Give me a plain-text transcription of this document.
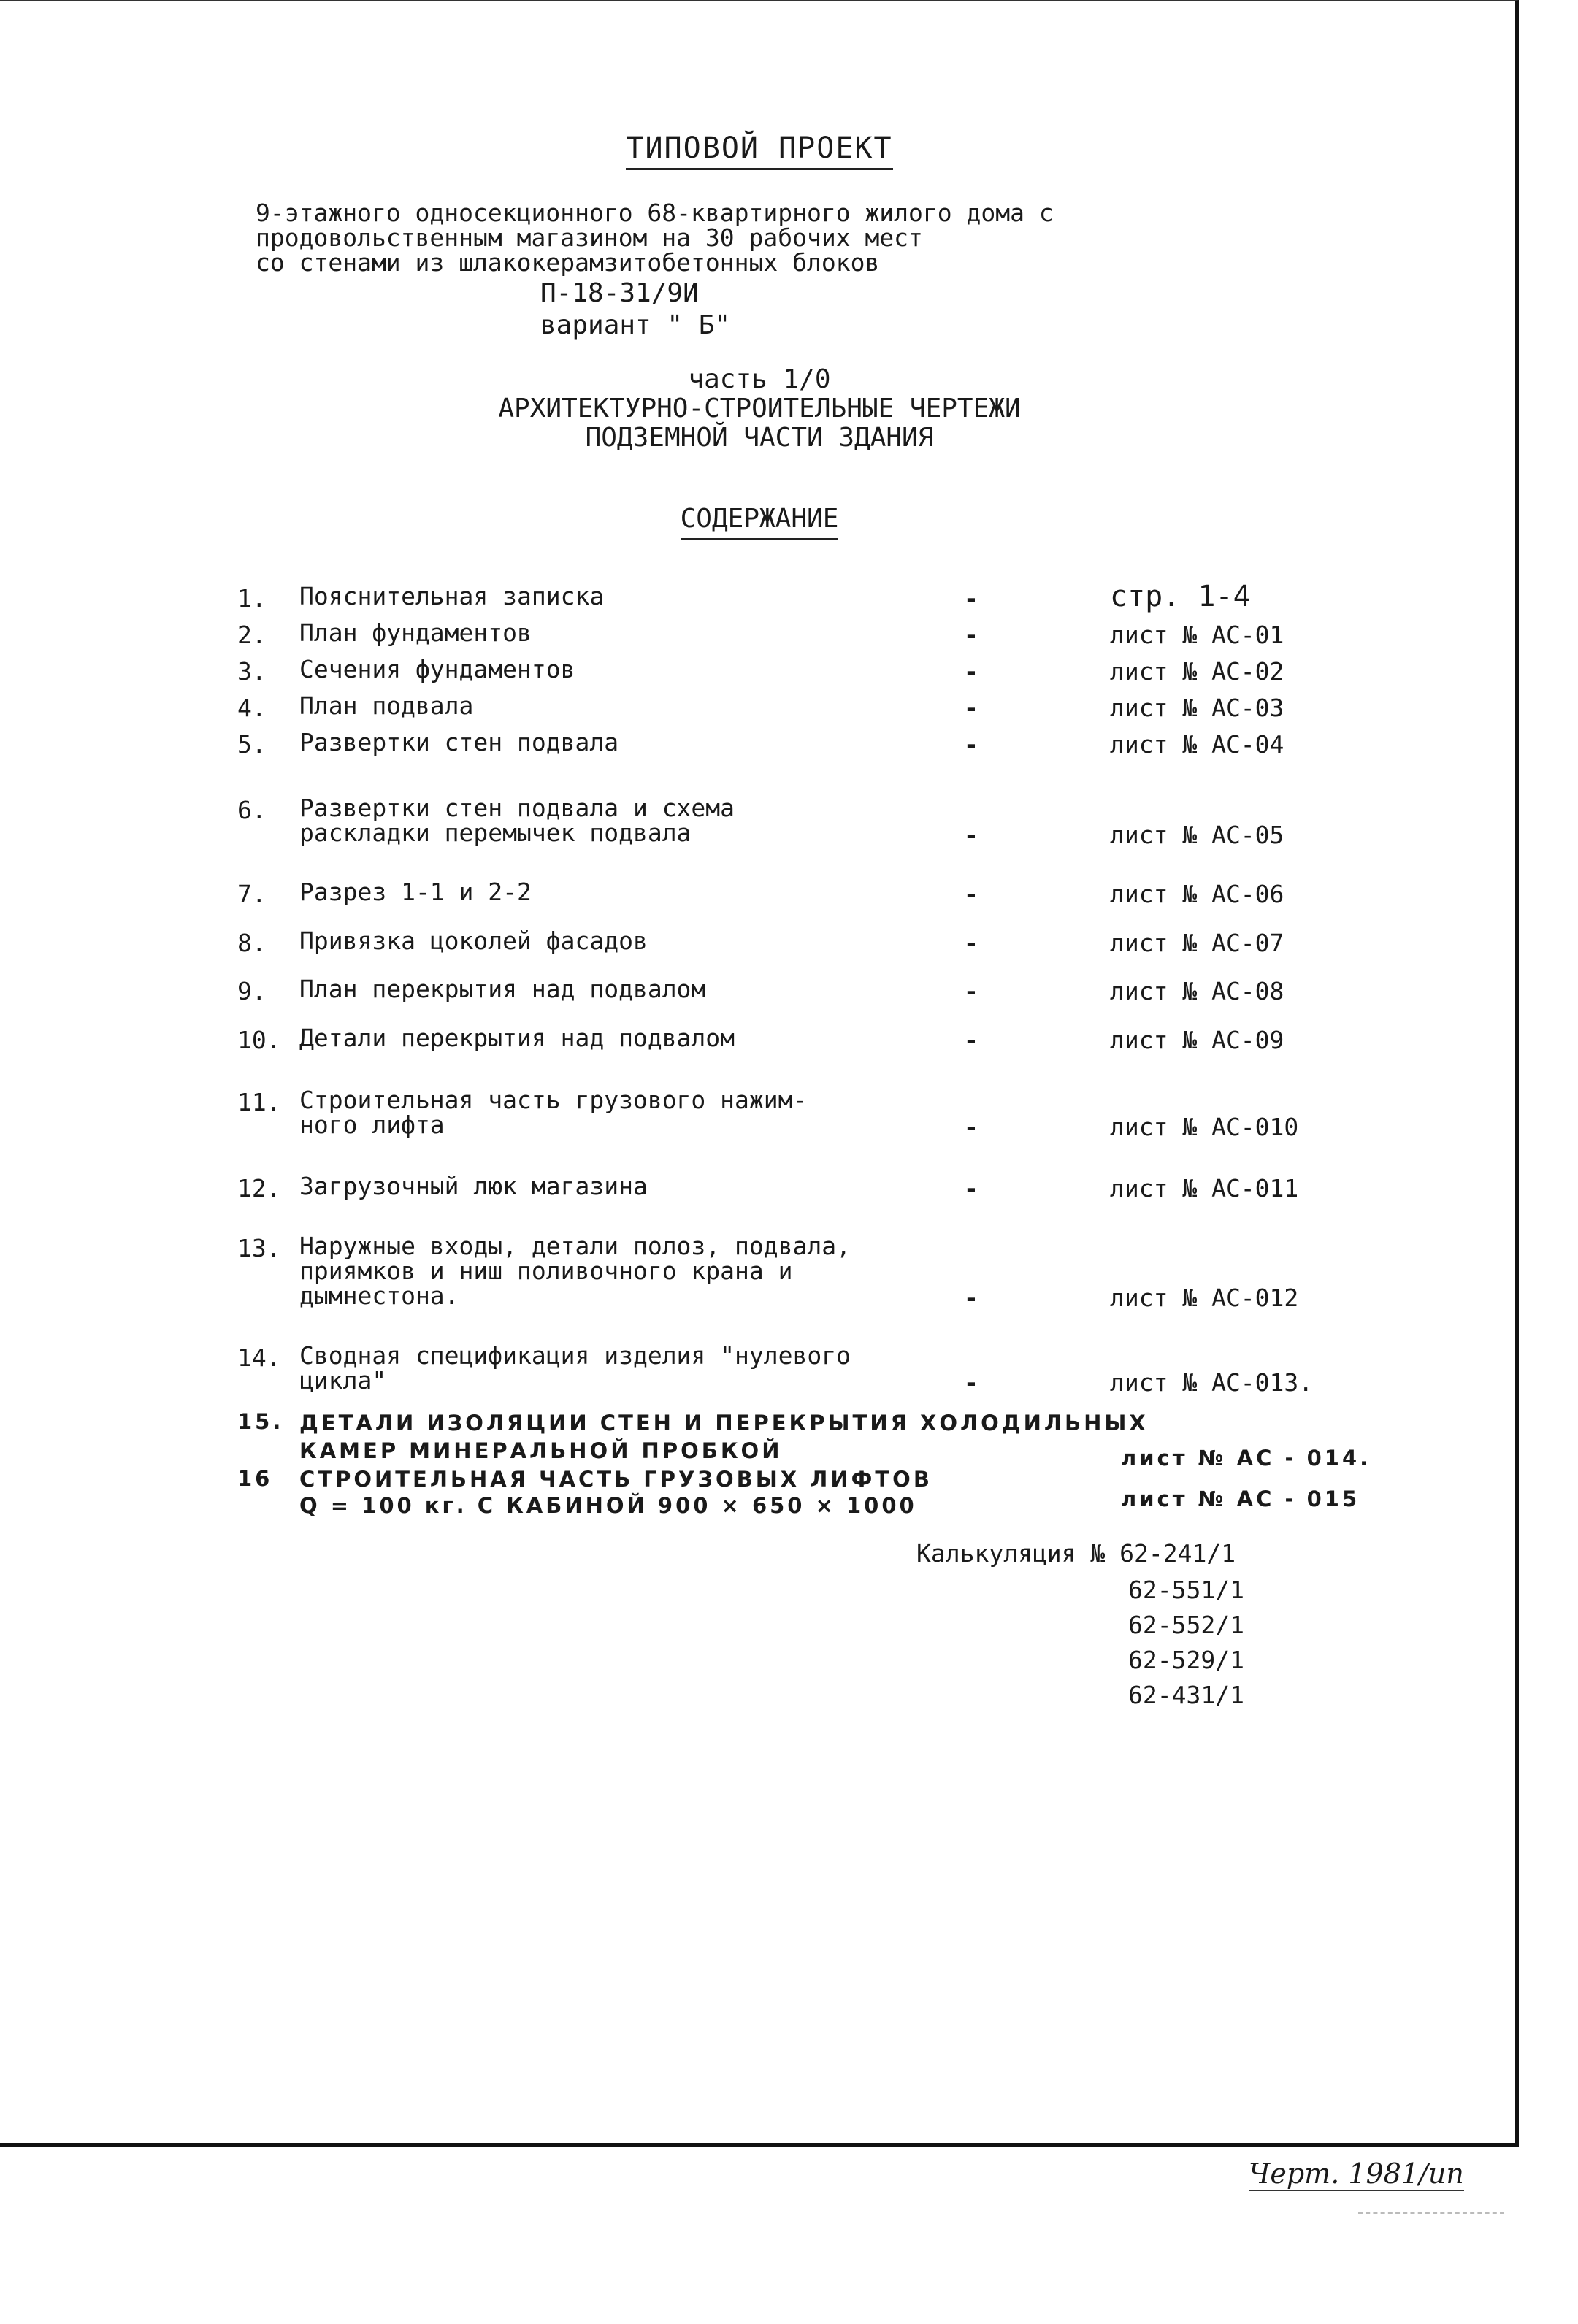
ТИПОВОЙ ПРОЕКТ
9-этажного односекционного 68-квартирного жилого дома с
продовольственным магазином на 30 рабочих мест
со стенами из шлакокерамзитобетонных блоков
П-18-31/9И
вариант " Б"
часть 1/0
АРХИТЕКТУРНО-СТРОИТЕЛЬНЫЕ ЧЕРТЕЖИ
ПОДЗЕМНОЙ ЧАСТИ ЗДАНИЯ
СОДЕРЖАНИЕ
1.	Пояснительная записка	-	стр. 1-4
2.	План фундаментов	-	лист № АС-01
3.	Сечения фундаментов	-	лист № АС-02
4.	План подвала	-	лист № АС-03
5.	Развертки стен подвала	-	лист № АС-04
6.	Развертки стен подвала и схема
раскладки перемычек подвала	-	лист № АС-05
7.	Разрез 1-1 и 2-2	-	лист № АС-06
8.	Привязка цоколей фасадов	-	лист № АС-07
9.	План перекрытия над подвалом	-	лист № АС-08
10. Детали перекрытия над подвалом	-	лист № АС-09
11. Строительная часть грузового нажим-
ного лифта	-	лист № АС-010
12. Загрузочный люк магазина	-	лист № АС-011
13. Наружные входы, детали полоз, подвала,
приямков и ниш поливочного крана и
дымнестона.	-	лист № АС-012
14. Сводная спецификация изделия "нулевого
цикла"	-	лист № АС-013.
15. ДЕТАЛИ ИЗОЛЯЦИИ СТЕН И ПЕРЕКРЫТИЯ ХОЛОДИЛЬНЫХ
КАМЕР МИНЕРАЛЬНОЙ ПРОБКОЙ	лист № АС - 014.
16	СТРОИТЕЛЬНАЯ ЧАСТЬ ГРУЗОВЫХ ЛИФТОВ
Q = 100 кг. С КАБИНОЙ 900 × 650 × 1000	лист № АС - 015
Калькуляция № 62-241/1
62-551/1
62-552/1
62-529/1
62-431/1
Черт. 1981/ип
